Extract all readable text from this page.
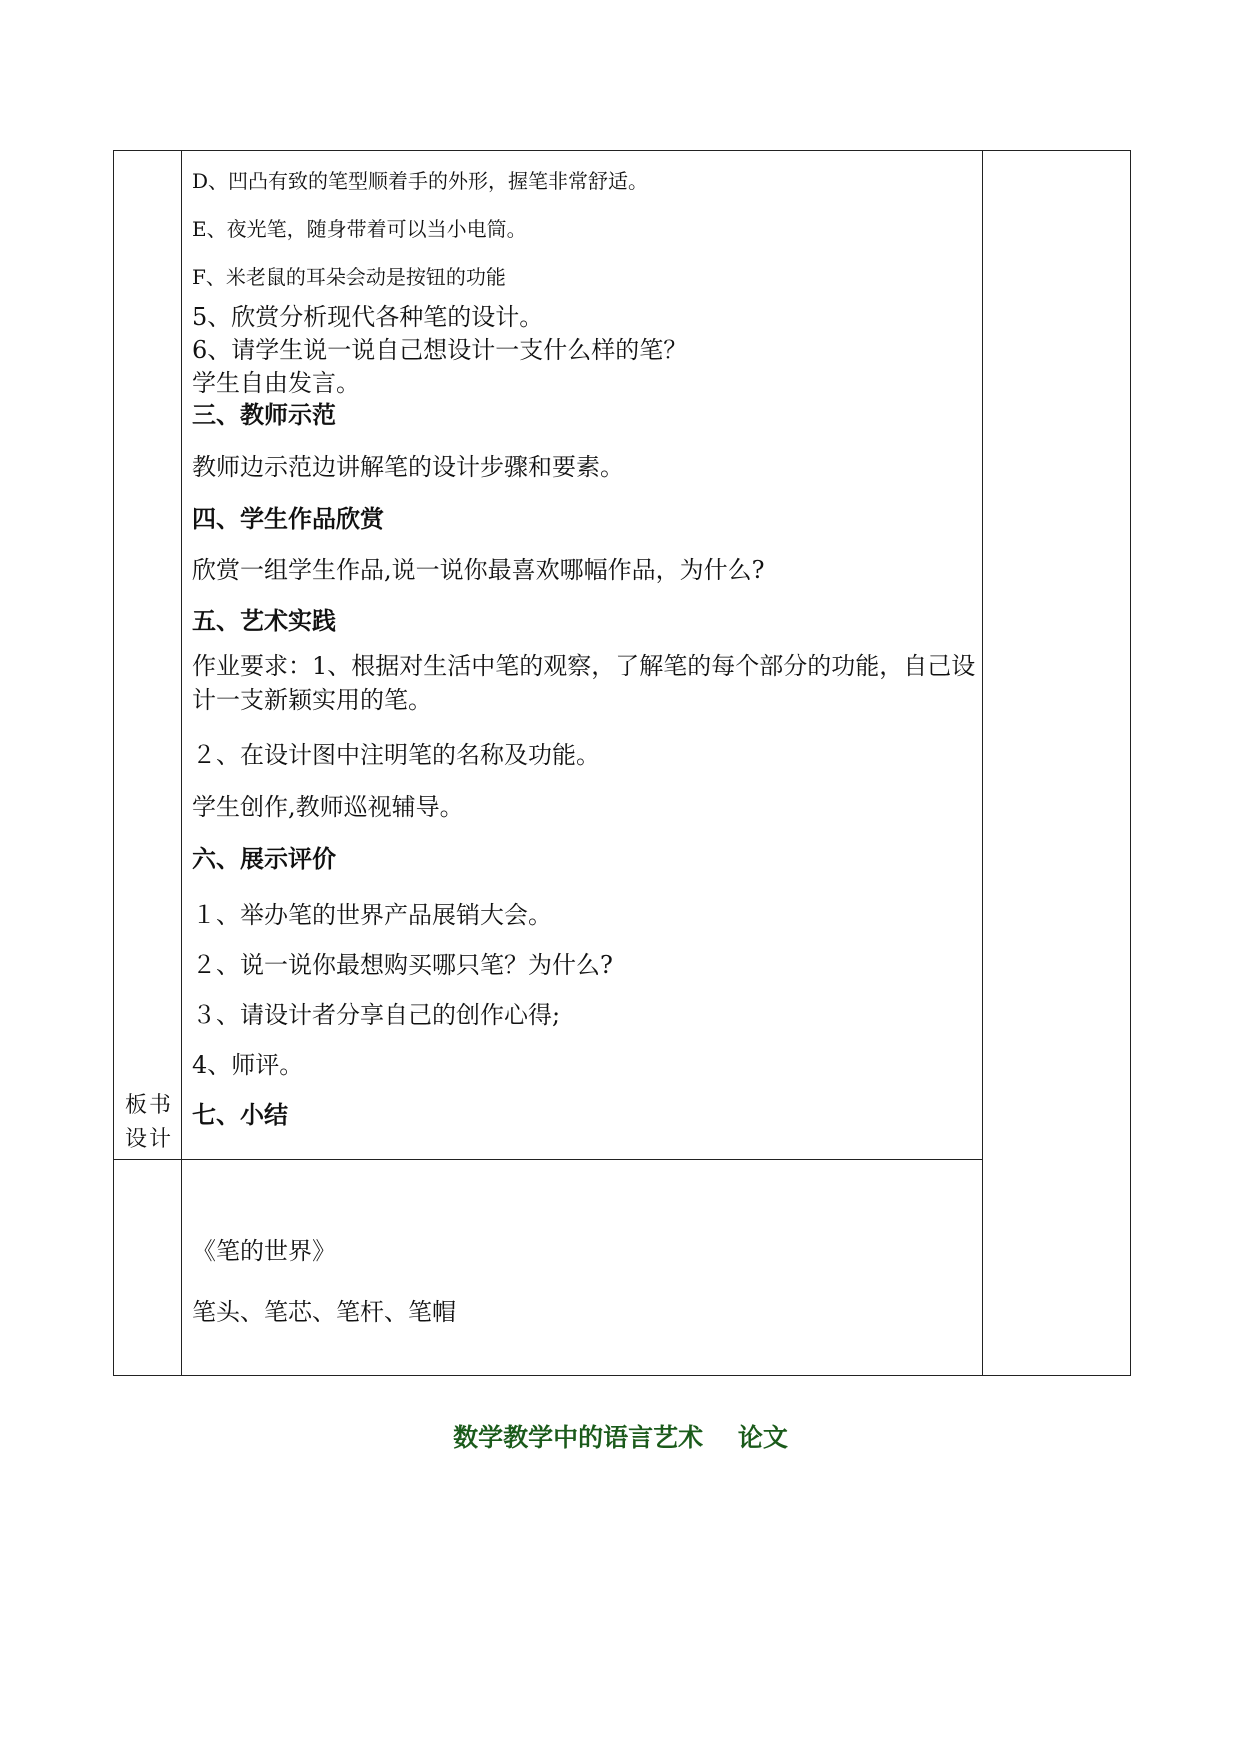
D、凹凸有致的笔型顺着手的外形，握笔非常舒适。
E、夜光笔，随身带着可以当小电筒。
F、米老鼠的耳朵会动是按钮的功能
5、欣赏分析现代各种笔的设计。
6、请学生说一说自己想设计一支什么样的笔？
学生自由发言。
三、教师示范
教师边示范边讲解笔的设计步骤和要素。
四、学生作品欣赏
欣赏一组学生作品,说一说你最喜欢哪幅作品，为什么?
五、艺术实践
作业要求：1、根据对生活中笔的观察，了解笔的每个部分的功能，自己设计一支新颖实用的笔。
２、在设计图中注明笔的名称及功能。
学生创作,教师巡视辅导。
六、展示评价
１、举办笔的世界产品展销大会。
２、说一说你最想购买哪只笔？为什么?
３、请设计者分享自己的创作心得;
4、师评。
七、小结
板书设计
《笔的世界》
笔头、笔芯、笔杆、笔帽
数学教学中的语言艺术    论文
